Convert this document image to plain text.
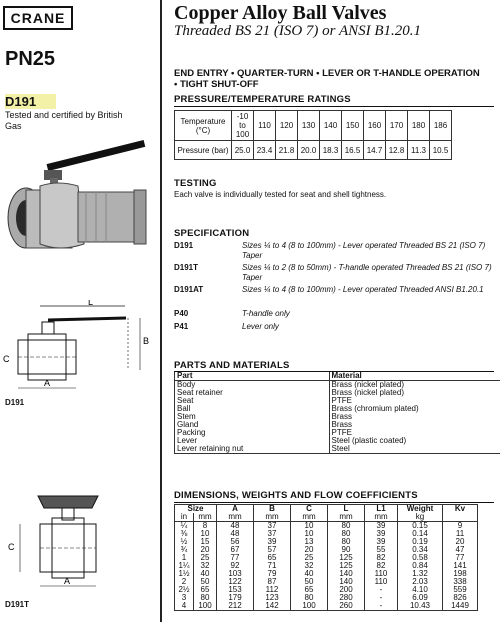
CRANE
PN25
D191
Tested and certified by British Gas
L
B
C
A
D191
C
A
D191T
Copper Alloy Ball Valves
Threaded BS 21 (ISO 7) or ANSI B1.20.1
END ENTRY • QUARTER-TURN • LEVER OR T-HANDLE OPERATION • TIGHT SHUT-OFF
PRESSURE/TEMPERATURE RATINGS
Temperature (°C)	-10 to 100	110	120	130	140	150	160	170	180	186
Pressure (bar)	25.0	23.4	21.8	20.0	18.3	16.5	14.7	12.8	11.3	10.5
TESTING
Each valve is individually tested for seat and shell tightness.
SPECIFICATION
D191	Sizes ¼ to 4 (8 to 100mm) - Lever operated Threaded BS 21 (ISO 7) Taper
D191T	Sizes ¼ to 2 (8 to 50mm) - T-handle operated Threaded BS 21 (ISO 7) Taper
D191AT	Sizes ¼ to 4 (8 to 100mm) - Lever operated Threaded ANSI B1.20.1
P40	T-handle only
P41	Lever only
PARTS AND MATERIALS
Part	Material
Body	Brass (nickel plated)
Seat retainer	Brass (nickel plated)
Seat	PTFE
Ball	Brass (chromium plated)
Stem	Brass
Gland	Brass
Packing	PTFE
Lever	Steel (plastic coated)
Lever retaining nut	Steel
DIMENSIONS, WEIGHTS AND FLOW COEFFICIENTS
Size		A	B	C	L	L1	Weight	Kv
in	mm	mm	mm	mm	mm	mm	kg	
¼	8	48	37	10	80	39	0.15	9
⅜	10	48	37	10	80	39	0.14	11
½	15	56	39	13	80	39	0.19	20
¾	20	67	57	20	90	55	0.34	47
1	25	77	65	25	125	82	0.58	77
1¼	32	92	71	32	125	82	0.84	141
1½	40	103	79	40	140	110	1.32	198
2	50	122	87	50	140	110	2.03	338
2½	65	153	112	65	200	-	4.10	559
3	80	179	123	80	280	-	6.09	826
4	100	212	142	100	260	-	10.43	1449
